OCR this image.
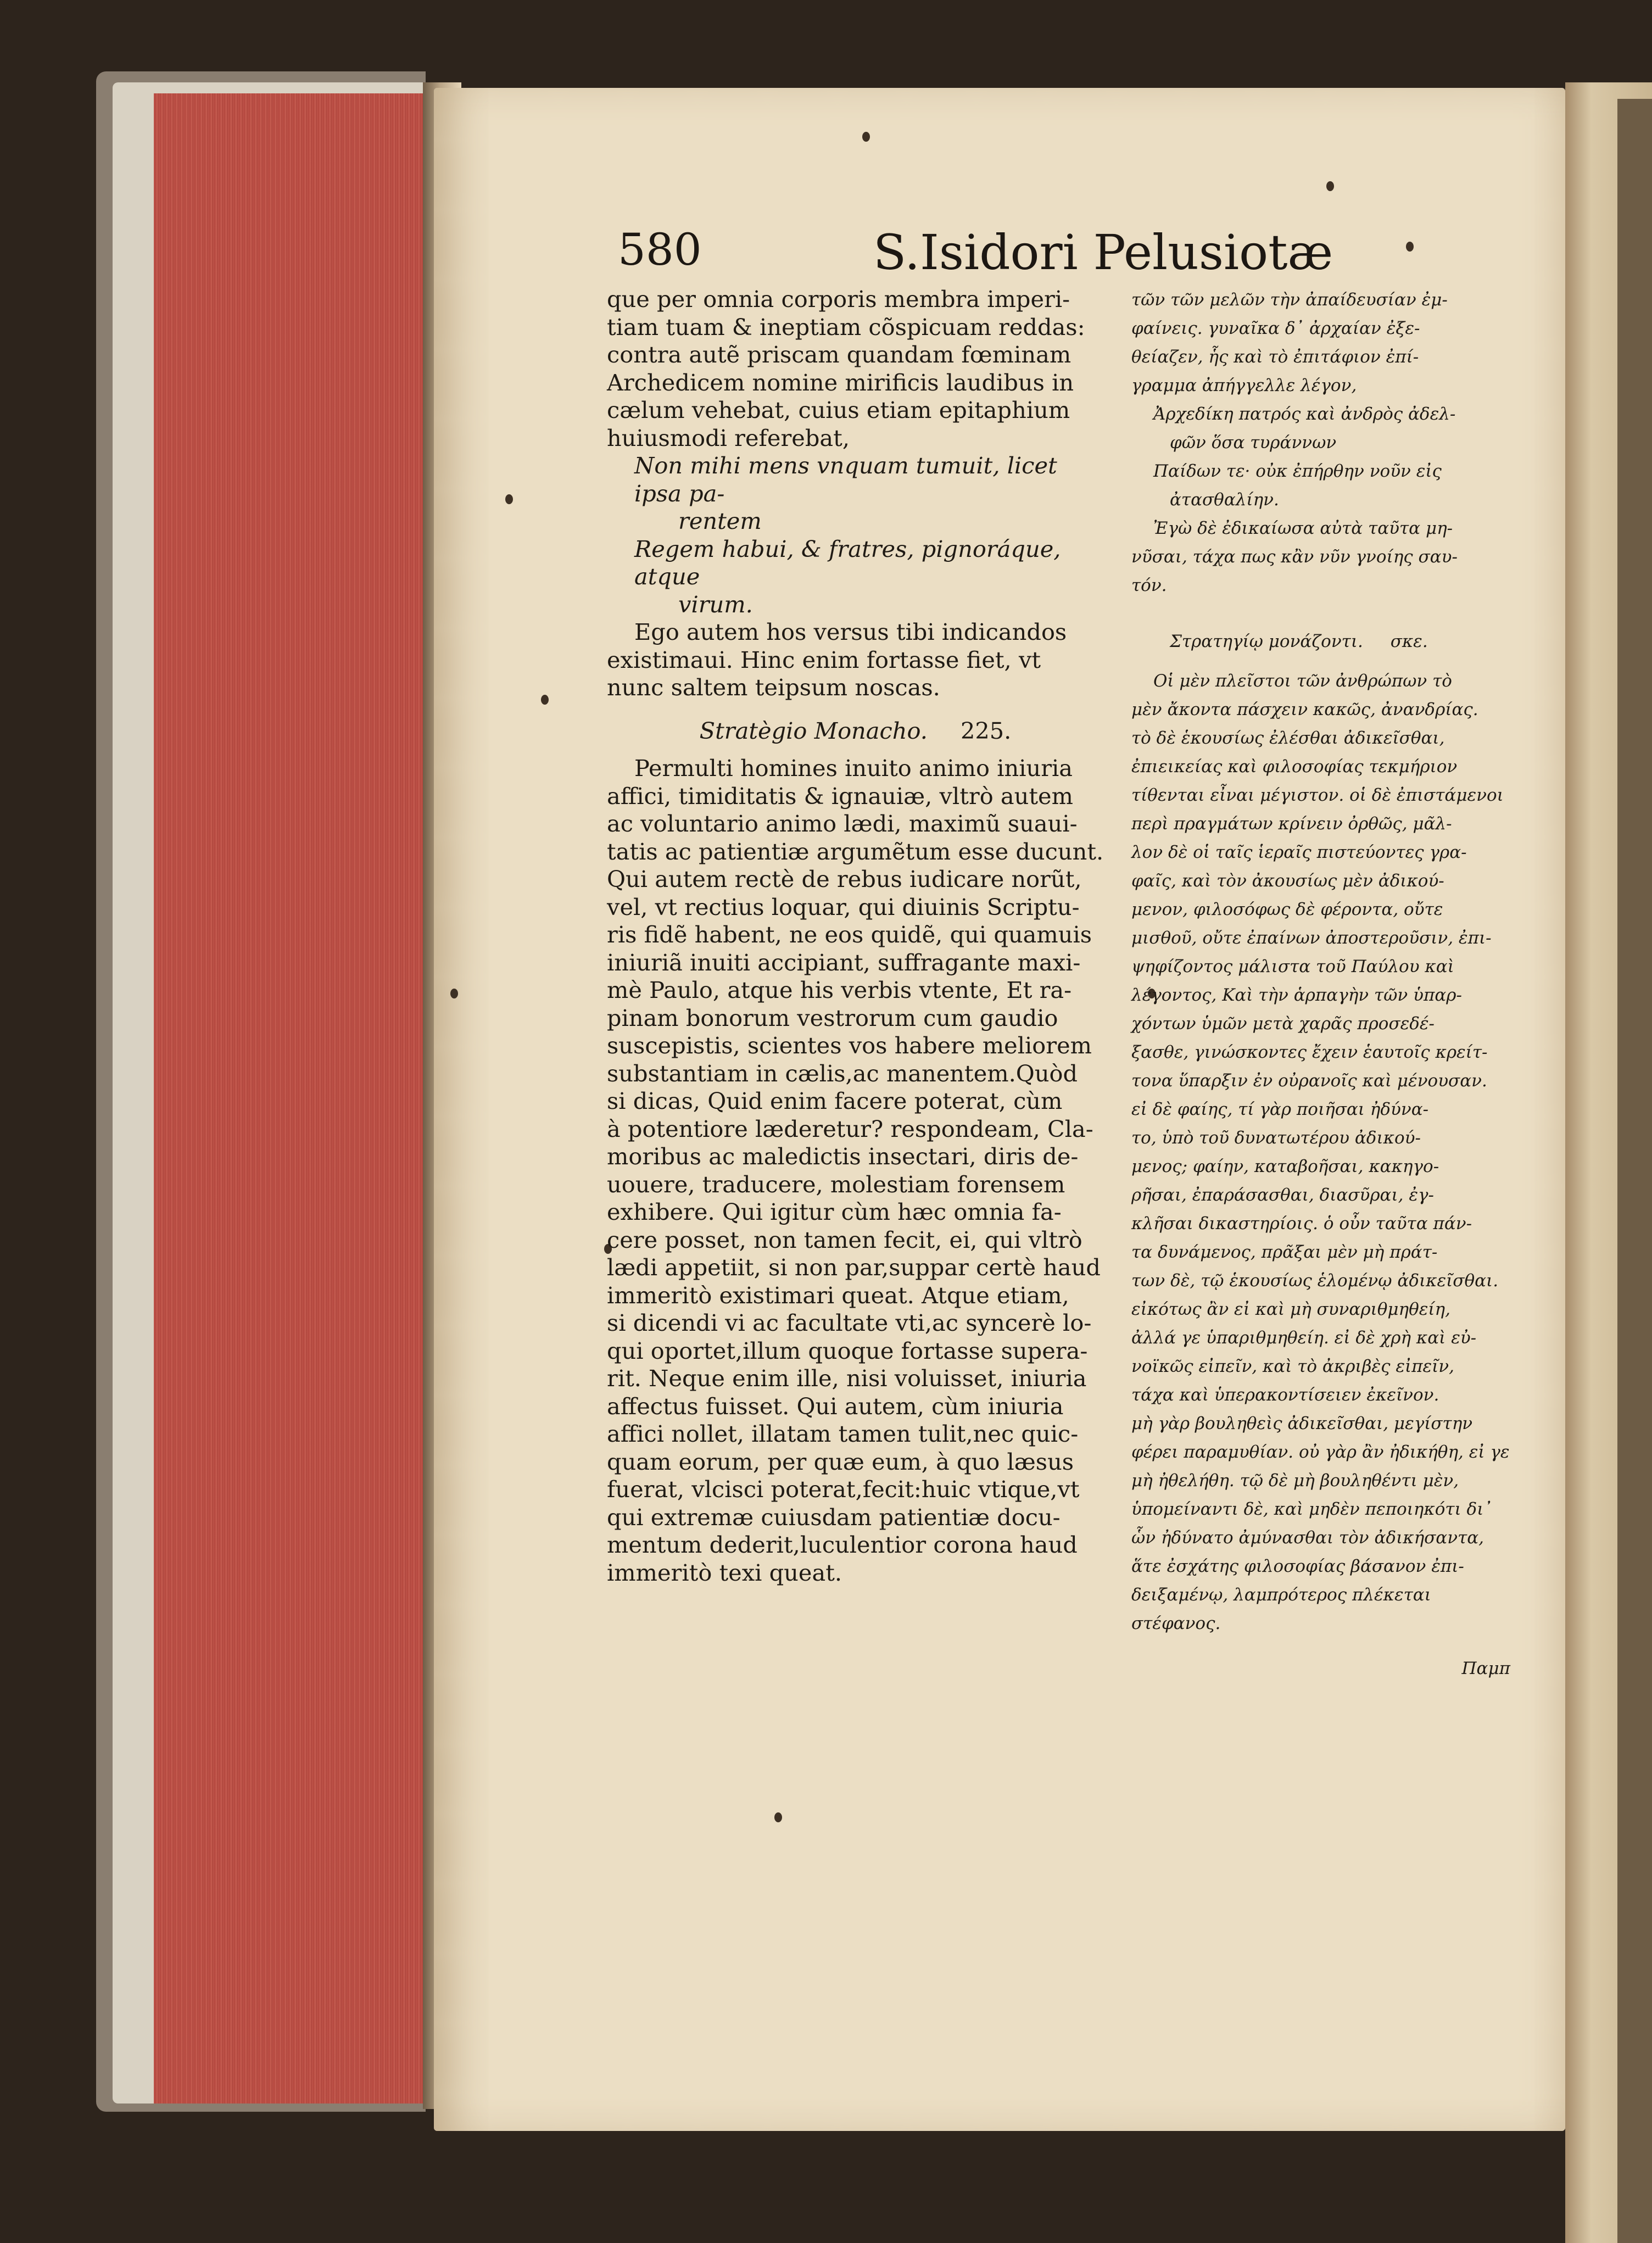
580	S.Isidori Pelusiotæ

que per omnia corporis membra imperi-

tiam tuam & ineptiam cõspicuam reddas:

contra autẽ priscam quandam fœminam

Archedicem nomine mirificis laudibus in

cælum vehebat, cuius etiam epitaphium

huiusmodi referebat,

Non mihi mens vnquam tumuit, licet ipsa pa-

rentem

Regem habui, & fratres, pignoráque, atque

virum.

Ego autem hos versus tibi indicandos

existimaui. Hinc enim fortasse fiet, vt

nunc saltem teipsum noscas.

Stratègio Monacho. 225.

Permulti homines inuito animo iniuria

affici, timiditatis & ignauiæ, vltrò autem

ac voluntario animo lædi, maximũ suaui-

tatis ac patientiæ argumẽtum esse ducunt.

Qui autem rectè de rebus iudicare norũt,

vel, vt rectius loquar, qui diuinis Scriptu-

ris fidẽ habent, ne eos quidẽ, qui quamuis

iniuriã inuiti accipiant, suffragante maxi-

mè Paulo, atque his verbis vtente, Et ra-

pinam bonorum vestrorum cum gaudio

suscepistis, scientes vos habere meliorem

substantiam in cælis,ac manentem.Quòd

si dicas, Quid enim facere poterat, cùm

à potentiore læderetur? respondeam, Cla-

moribus ac maledictis insectari, diris de-

uouere, traducere, molestiam forensem

exhibere. Qui igitur cùm hæc omnia fa-

cere posset, non tamen fecit, ei, qui vltrò

lædi appetiit, si non par,suppar certè haud

immeritò existimari queat. Atque etiam,

si dicendi vi ac facultate vti,ac syncerè lo-

qui oportet,illum quoque fortasse supera-

rit. Neque enim ille, nisi voluisset, iniuria

affectus fuisset. Qui autem, cùm iniuria

affici nollet, illatam tamen tulit,nec quic-

quam eorum, per quæ eum, à quo læsus

fuerat, vlcisci poterat,fecit:huic vtique,vt

qui extremæ cuiusdam patientiæ docu-

mentum dederit,luculentior corona haud

immeritò texi queat.

τῶν τῶν μελῶν τὴν ἀπαίδευσίαν ἐμ-

φαίνεις. γυναῖκα δ᾽ ἀρχαίαν ἐξε-

θείαζεν, ἧς καὶ τὸ ἐπιτάφιον ἐπί-

γραμμα ἀπήγγελλε λέγον,

Ἀρχεδίκη πατρός καὶ ἀνδρὸς ἀδελ-

φῶν ὅσα τυράννων

Παίδων τε· οὐκ ἐπήρθην νοῦν εἰς

ἀτασθαλίην.

Ἐγὼ δὲ ἐδικαίωσα αὐτὰ ταῦτα μη-

νῦσαι, τάχα πως κἂν νῦν γνοίης σαυ-

τόν.

Στρατηγίῳ μονάζοντι. σκε.

Οἱ μὲν πλεῖστοι τῶν ἀνθρώπων τὸ

μὲν ἄκοντα πάσχειν κακῶς, ἀνανδρίας.

τὸ δὲ ἑκουσίως ἐλέσθαι ἀδικεῖσθαι,

ἐπιεικείας καὶ φιλοσοφίας τεκμήριον

τίθενται εἶναι μέγιστον. οἱ δὲ ἐπιστάμενοι

περὶ πραγμάτων κρίνειν ὀρθῶς, μᾶλ-

λον δὲ οἱ ταῖς ἱεραῖς πιστεύοντες γρα-

φαῖς, καὶ τὸν ἀκουσίως μὲν ἀδικού-

μενον, φιλοσόφως δὲ φέροντα, οὔτε

μισθοῦ, οὔτε ἐπαίνων ἀποστεροῦσιν, ἐπι-

ψηφίζοντος μάλιστα τοῦ Παύλου καὶ

λέγοντος, Καὶ τὴν ἁρπαγὴν τῶν ὑπαρ-

χόντων ὑμῶν μετὰ χαρᾶς προσεδέ-

ξασθε, γινώσκοντες ἔχειν ἑαυτοῖς κρείτ-

τονα ὕπαρξιν ἐν οὐρανοῖς καὶ μένουσαν.

εἰ δὲ φαίης, τί γὰρ ποιῆσαι ἠδύνα-

το, ὑπὸ τοῦ δυνατωτέρου ἀδικού-

μενος; φαίην, καταβοῆσαι, κακηγο-

ρῆσαι, ἐπαράσασθαι, διασῦραι, ἐγ-

κλῆσαι δικαστηρίοις. ὁ οὖν ταῦτα πάν-

τα δυνάμενος, πρᾶξαι μὲν μὴ πράτ-

των δὲ, τῷ ἑκουσίως ἑλομένῳ ἀδικεῖσθαι.

εἰκότως ἂν εἰ καὶ μὴ συναριθμηθείη,

ἀλλά γε ὑπαριθμηθείη. εἰ δὲ χρὴ καὶ εὐ-

νοϊκῶς εἰπεῖν, καὶ τὸ ἀκριβὲς εἰπεῖν,

τάχα καὶ ὑπερακοντίσειεν ἐκεῖνον.

μὴ γὰρ βουληθεὶς ἀδικεῖσθαι, μεγίστην

φέρει παραμυθίαν. οὐ γὰρ ἂν ἠδικήθη, εἰ γε

μὴ ἠθελήθη. τῷ δὲ μὴ βουληθέντι μὲν,

ὑπομείναντι δὲ, καὶ μηδὲν πεποιηκότι δι᾽

ὧν ἠδύνατο ἀμύνασθαι τὸν ἀδικήσαντα,

ἅτε ἐσχάτης φιλοσοφίας βάσανον ἐπι-

δειξαμένῳ, λαμπρότερος πλέκεται

στέφανος.

Παμπ
